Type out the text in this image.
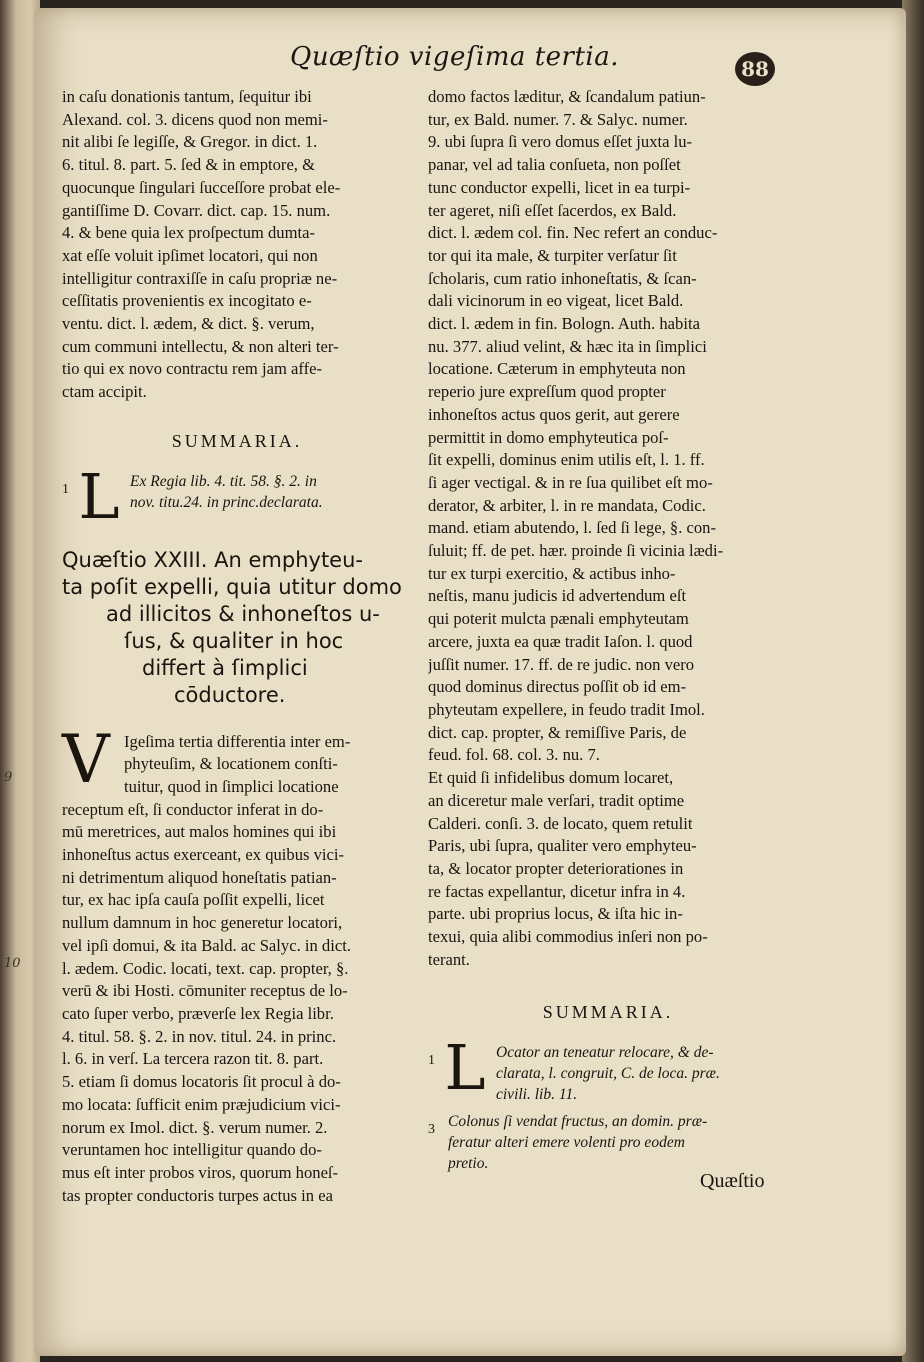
9
10
Quæſtio vigeſima tertia.	88
in caſu donationis tantum, ſequitur ibi
Alexand. col. 3. dicens quod non memi-
nit alibi ſe legiſſe, & Gregor. in dict. 1.
6. titul. 8. part. 5. ſed & in emptore, &
quocunque ſingulari ſucceſſore probat ele-
gantiſſime D. Covarr. dict. cap. 15. num.
4. & bene quia lex proſpectum dumta-
xat eſſe voluit ipſimet locatori, qui non
intelligitur contraxiſſe in caſu propriæ ne-
ceſſitatis provenientis ex incogitato e-
ventu. dict. l. ædem, & dict. §. verum,
cum communi intellectu, & non alteri ter-
tio qui ex novo contractu rem jam affe-
ctam accipit.
SUMMARIA.
1 L Ex Regia lib. 4. tit. 58. §. 2. in
nov. titu.24. in princ.declarata.
Quæſtio XXIII. An emphyteu-
ta poſit expelli, quia utitur domo
ad illicitos & inhoneſtos u-
ſus, & qualiter in hoc
differt à ſimplici
cōductore.
V Igeſima tertia differentia inter em-
phyteuſim, & locationem conſti-
tuitur, quod in ſimplici locatione
receptum eſt, ſi conductor inferat in do-
mū meretrices, aut malos homines qui ibi
inhoneſtus actus exerceant, ex quibus vici-
ni detrimentum aliquod honeſtatis patian-
tur, ex hac ipſa cauſa poſſit expelli, licet
nullum damnum in hoc generetur locatori,
vel ipſi domui, & ita Bald. ac Salyc. in dict.
l. ædem. Codic. locati, text. cap. propter, §.
verū & ibi Hosti. cōmuniter receptus de lo-
cato ſuper verbo, præverſe lex Regia libr.
4. titul. 58. §. 2. in nov. titul. 24. in princ.
l. 6. in verſ. La tercera razon tit. 8. part.
5. etiam ſi domus locatoris ſit procul à do-
mo locata: ſufficit enim præjudicium vici-
norum ex Imol. dict. §. verum numer. 2.
veruntamen hoc intelligitur quando do-
mus eſt inter probos viros, quorum honeſ-
tas propter conductoris turpes actus in ea
domo factos læditur, & ſcandalum patiun-
tur, ex Bald. numer. 7. & Salyc. numer.
9. ubi ſupra ſi vero domus eſſet juxta lu-
panar, vel ad talia conſueta, non poſſet
tunc conductor expelli, licet in ea turpi-
ter ageret, niſi eſſet ſacerdos, ex Bald.
dict. l. ædem col. fin. Nec refert an conduc-
tor qui ita male, & turpiter verſatur ſit
ſcholaris, cum ratio inhoneſtatis, & ſcan-
dali vicinorum in eo vigeat, licet Bald.
dict. l. ædem in fin. Bologn. Auth. habita
nu. 377. aliud velint, & hæc ita in ſimplici
locatione. Cæterum in emphyteuta non
reperio jure expreſſum quod propter
inhoneſtos actus quos gerit, aut gerere
permittit in domo emphyteutica poſ-
ſit expelli, dominus enim utilis eſt, l. 1. ff.
ſi ager vectigal. & in re ſua quilibet eſt mo-
derator, & arbiter, l. in re mandata, Codic.
mand. etiam abutendo, l. ſed ſi lege, §. con-
ſuluit; ff. de pet. hær. proinde ſi vicinia lædi-
tur ex turpi exercitio, & actibus inho-
neſtis, manu judicis id advertendum eſt
qui poterit mulcta pænali emphyteutam
arcere, juxta ea quæ tradit Iaſon. l. quod
juſſit numer. 17. ff. de re judic. non vero
quod dominus directus poſſit ob id em-
phyteutam expellere, in feudo tradit Imol.
dict. cap. propter, & remiſſive Paris, de
feud. fol. 68. col. 3. nu. 7.
Et quid ſi infidelibus domum locaret,
an diceretur male verſari, tradit optime
Calderi. conſi. 3. de locato, quem retulit
Paris, ubi ſupra, qualiter vero emphyteu-
ta, & locator propter deteriorationes in
re factas expellantur, dicetur infra in 4.
parte. ubi proprius locus, & iſta hic in-
texui, quia alibi commodius inſeri non po-
terant.
SUMMARIA.
1 L Ocator an teneatur relocare, & de-
clarata, l. congruit, C. de loca. præ.
civili. lib. 11.
3 Colonus ſi vendat fructus, an domin. præ-
feratur alteri emere volenti pro eodem
pretio.
Quæſtio
